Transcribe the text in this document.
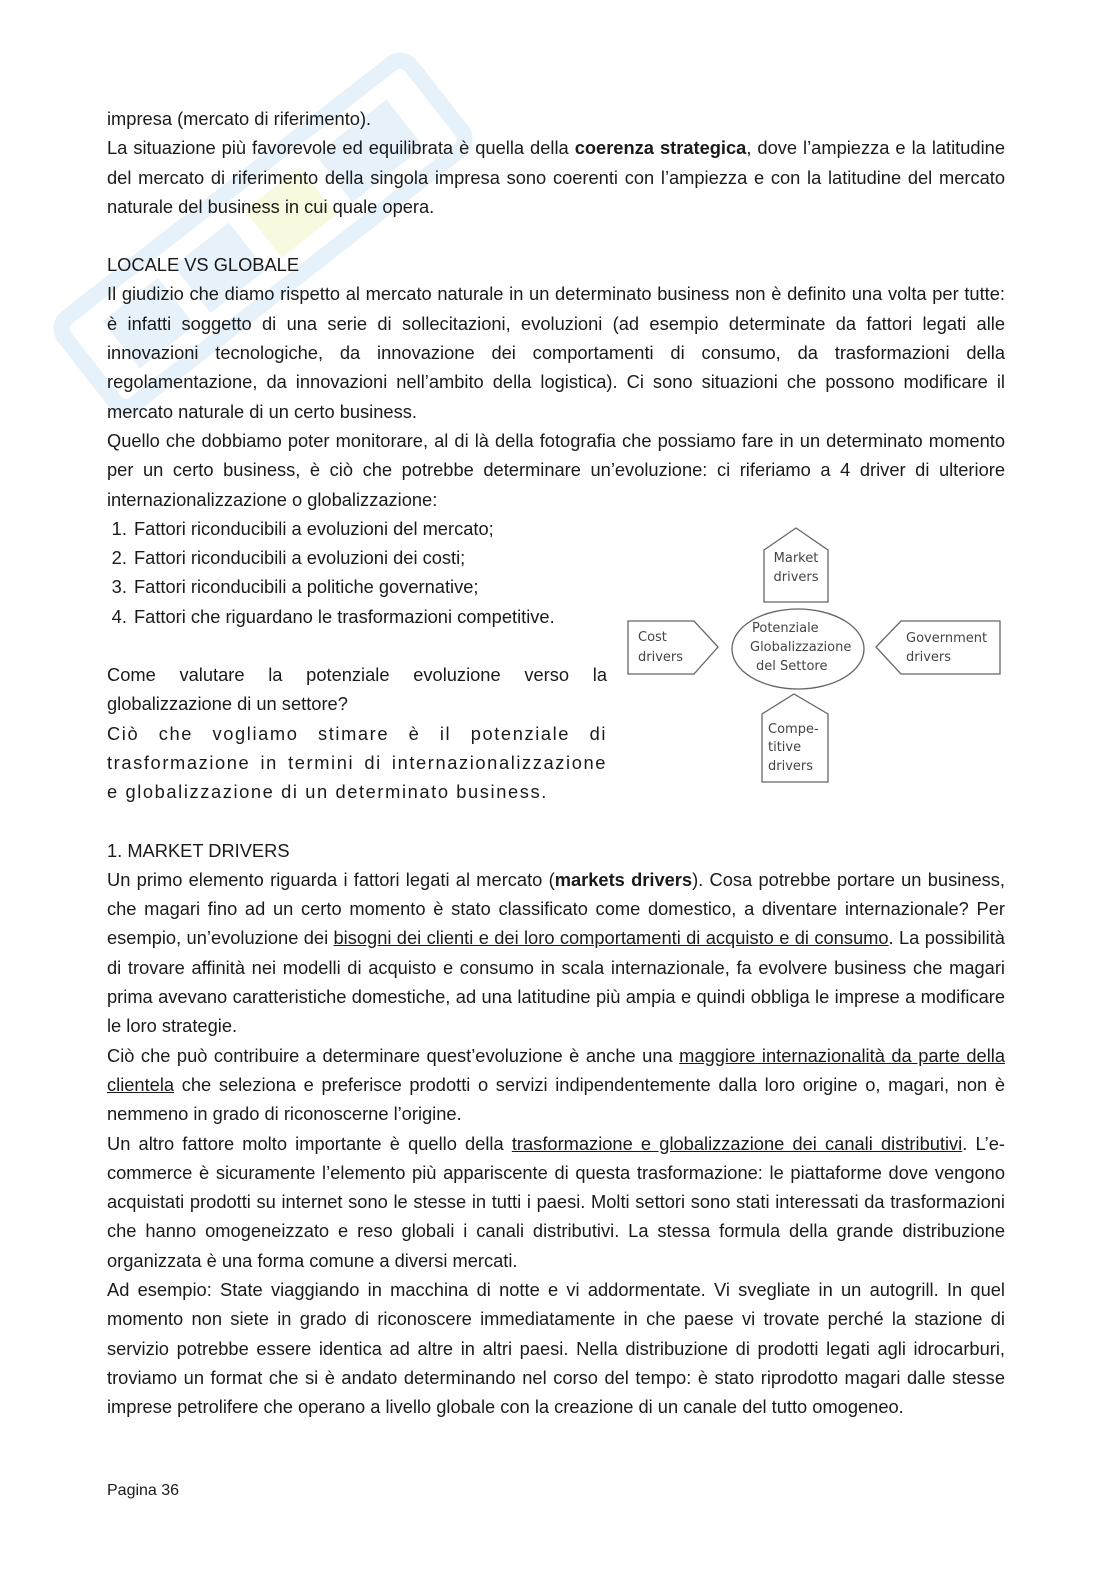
impresa (mercato di riferimento).

La situazione più favorevole ed equilibrata è quella della coerenza strategica, dove l’ampiezza e la latitudine del mercato di riferimento della singola impresa sono coerenti con l’ampiezza e con la latitudine del mercato naturale del business in cui quale opera.

LOCALE VS GLOBALE

Il giudizio che diamo rispetto al mercato naturale in un determinato business non è definito una volta per tutte: è infatti soggetto di una serie di sollecitazioni, evoluzioni (ad esempio determinate da fattori legati alle innovazioni tecnologiche, da innovazione dei comportamenti di consumo, da trasformazioni della regolamentazione, da innovazioni nell’ambito della logistica). Ci sono situazioni che possono modificare il mercato naturale di un certo business.

Quello che dobbiamo poter monitorare, al di là della fotografia che possiamo fare in un determinato momento per un certo business, è ciò che potrebbe determinare un’evoluzione: ci riferiamo a 4 driver di ulteriore internazionalizzazione o globalizzazione:

1. Fattori riconducibili a evoluzioni del mercato;
2. Fattori riconducibili a evoluzioni dei costi;
3. Fattori riconducibili a politiche governative;
4. Fattori che riguardano le trasformazioni competitive.

Come valutare la potenziale evoluzione verso la globalizzazione di un settore?

Ciò che vogliamo stimare è il potenziale di trasformazione in termini di internazionalizzazione e globalizzazione di un determinato business.

1. MARKET DRIVERS

Un primo elemento riguarda i fattori legati al mercato (markets drivers). Cosa potrebbe portare un business, che magari fino ad un certo momento è stato classificato come domestico, a diventare internazionale? Per esempio, un’evoluzione dei bisogni dei clienti e dei loro comportamenti di acquisto e di consumo. La possibilità di trovare affinità nei modelli di acquisto e consumo in scala internazionale, fa evolvere business che magari prima avevano caratteristiche domestiche, ad una latitudine più ampia e quindi obbliga le imprese a modificare le loro strategie.

Ciò che può contribuire a determinare quest’evoluzione è anche una maggiore internazionalità da parte della clientela che seleziona e preferisce prodotti o servizi indipendentemente dalla loro origine o, magari, non è nemmeno in grado di riconoscerne l’origine.

Un altro fattore molto importante è quello della trasformazione e globalizzazione dei canali distributivi. L’e-commerce è sicuramente l’elemento più appariscente di questa trasformazione: le piattaforme dove vengono acquistati prodotti su internet sono le stesse in tutti i paesi. Molti settori sono stati interessati da trasformazioni che hanno omogeneizzato e reso globali i canali distributivi. La stessa formula della grande distribuzione organizzata è una forma comune a diversi mercati.

Ad esempio: State viaggiando in macchina di notte e vi addormentate. Vi svegliate in un autogrill. In quel momento non siete in grado di riconoscere immediatamente in che paese vi trovate perché la stazione di servizio potrebbe essere identica ad altre in altri paesi. Nella distribuzione di prodotti legati agli idrocarburi, troviamo un format che si è andato determinando nel corso del tempo: è stato riprodotto magari dalle stesse imprese petrolifere che operano a livello globale con la creazione di un canale del tutto omogeneo.

Market
drivers
Cost
drivers
Potenziale
Globalizzazione
del Settore
Government
drivers
Compe-
titive
drivers
Pagina 36
